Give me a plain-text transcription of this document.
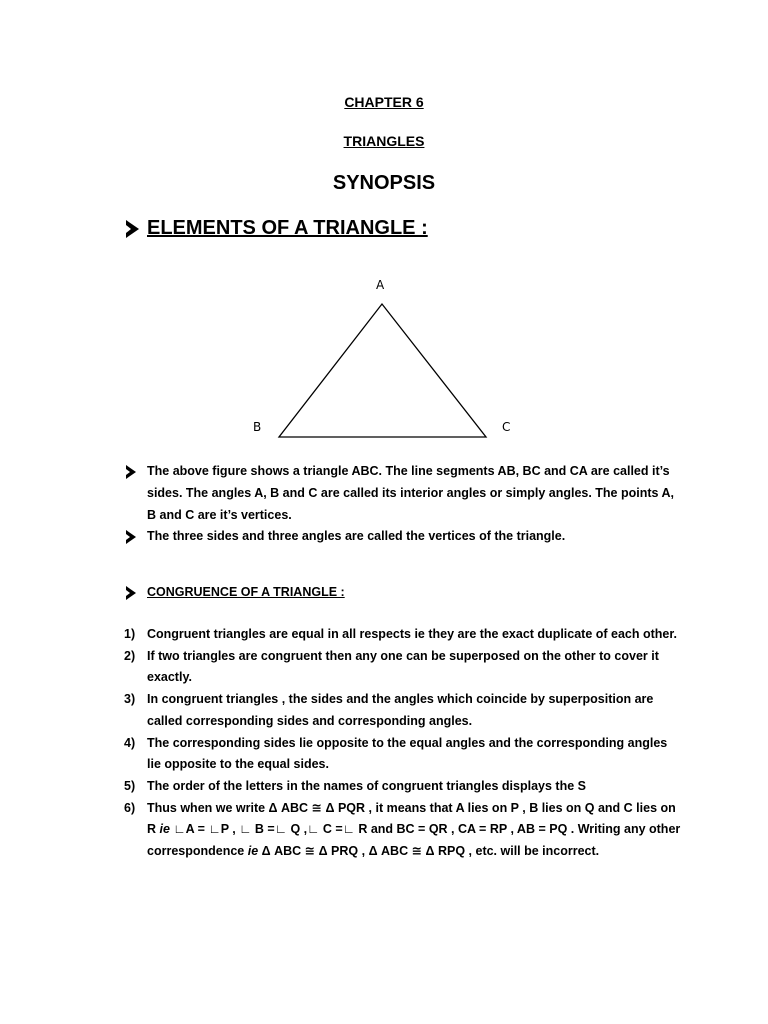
CHAPTER 6
TRIANGLES
SYNOPSIS
ELEMENTS OF A TRIANGLE :
A
B	C
The above figure shows a triangle ABC. The line segments AB, BC and CA are called it’s sides. The angles A, B and C are called its interior angles or simply angles. The points A, B and C are it’s vertices.
The three sides and three angles are called the vertices of the triangle.
CONGRUENCE OF A TRIANGLE :
1) Congruent triangles are equal in all respects ie they are the exact duplicate of each other.
2) If two triangles are congruent then any one can be superposed on the other to cover it exactly.
3) In congruent triangles , the sides and the angles which coincide by superposition are called corresponding sides and corresponding angles.
4) The corresponding sides lie opposite to the equal angles and the corresponding angles lie opposite to the equal sides.
5) The order of the letters in the names of congruent triangles displays the S
6) Thus when we write Δ ABC ≅ Δ PQR , it means that A lies on P , B lies on Q and C lies on R ie ∟A = ∟P , ∟ B =∟ Q ,∟ C =∟ R and BC = QR , CA = RP , AB = PQ . Writing any other correspondence ie Δ ABC ≅ Δ PRQ , Δ ABC ≅ Δ RPQ , etc. will be incorrect.
